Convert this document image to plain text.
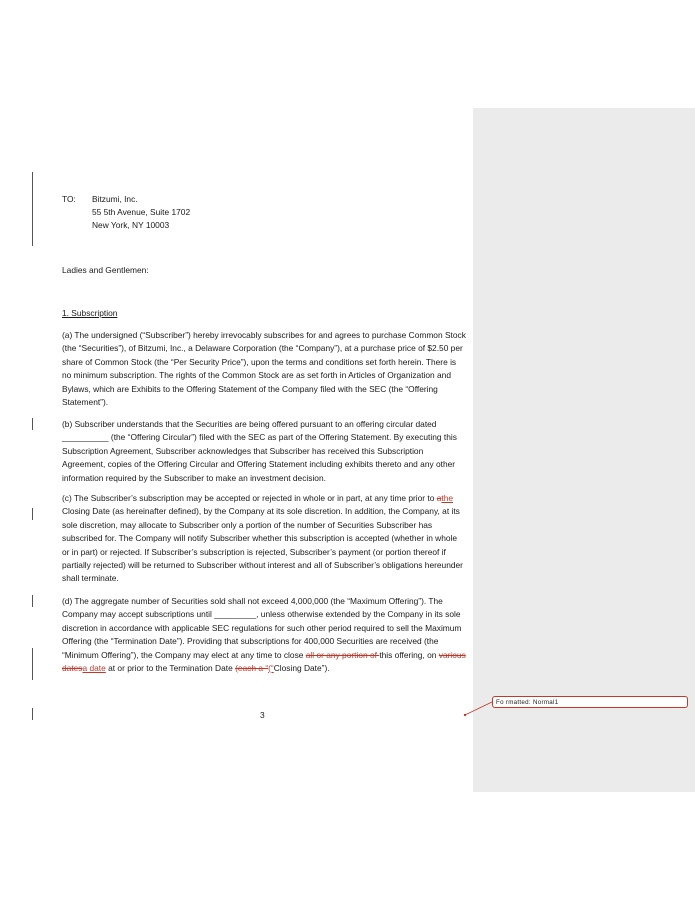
TO: Bitzumi, Inc.
55 5th Avenue, Suite 1702
New York, NY 10003
Ladies and Gentlemen:
1. Subscription
(a) The undersigned (“Subscriber”) hereby irrevocably subscribes for and agrees to purchase Common Stock (the “Securities”), of Bitzumi, Inc., a Delaware Corporation (the “Company”), at a purchase price of $2.50 per share of Common Stock (the “Per Security Price”), upon the terms and conditions set forth herein. There is no minimum subscription. The rights of the Common Stock are as set forth in Articles of Organization and Bylaws, which are Exhibits to the Offering Statement of the Company filed with the SEC (the “Offering Statement”).
(b) Subscriber understands that the Securities are being offered pursuant to an offering circular dated __________ (the “Offering Circular”) filed with the SEC as part of the Offering Statement. By executing this Subscription Agreement, Subscriber acknowledges that Subscriber has received this Subscription Agreement, copies of the Offering Circular and Offering Statement including exhibits thereto and any other information required by the Subscriber to make an investment decision.
(c) The Subscriber’s subscription may be accepted or rejected in whole or in part, at any time prior to athe Closing Date (as hereinafter defined), by the Company at its sole discretion. In addition, the Company, at its sole discretion, may allocate to Subscriber only a portion of the number of Securities Subscriber has subscribed for. The Company will notify Subscriber whether this subscription is accepted (whether in whole or in part) or rejected. If Subscriber’s subscription is rejected, Subscriber’s payment (or portion thereof if partially rejected) will be returned to Subscriber without interest and all of Subscriber’s obligations hereunder shall terminate.
(d) The aggregate number of Securities sold shall not exceed 4,000,000 (the “Maximum Offering”). The Company may accept subscriptions until _________, unless otherwise extended by the Company in its sole discretion in accordance with applicable SEC regulations for such other period required to sell the Maximum Offering (the “Termination Date”). Providing that subscriptions for 400,000 Securities are received (the “Minimum Offering”), the Company may elect at any time to close all or any portion of this offering, on various datesa date at or prior to the Termination Date (each a “(“Closing Date”).
3
Fo rmatted: Normal1
